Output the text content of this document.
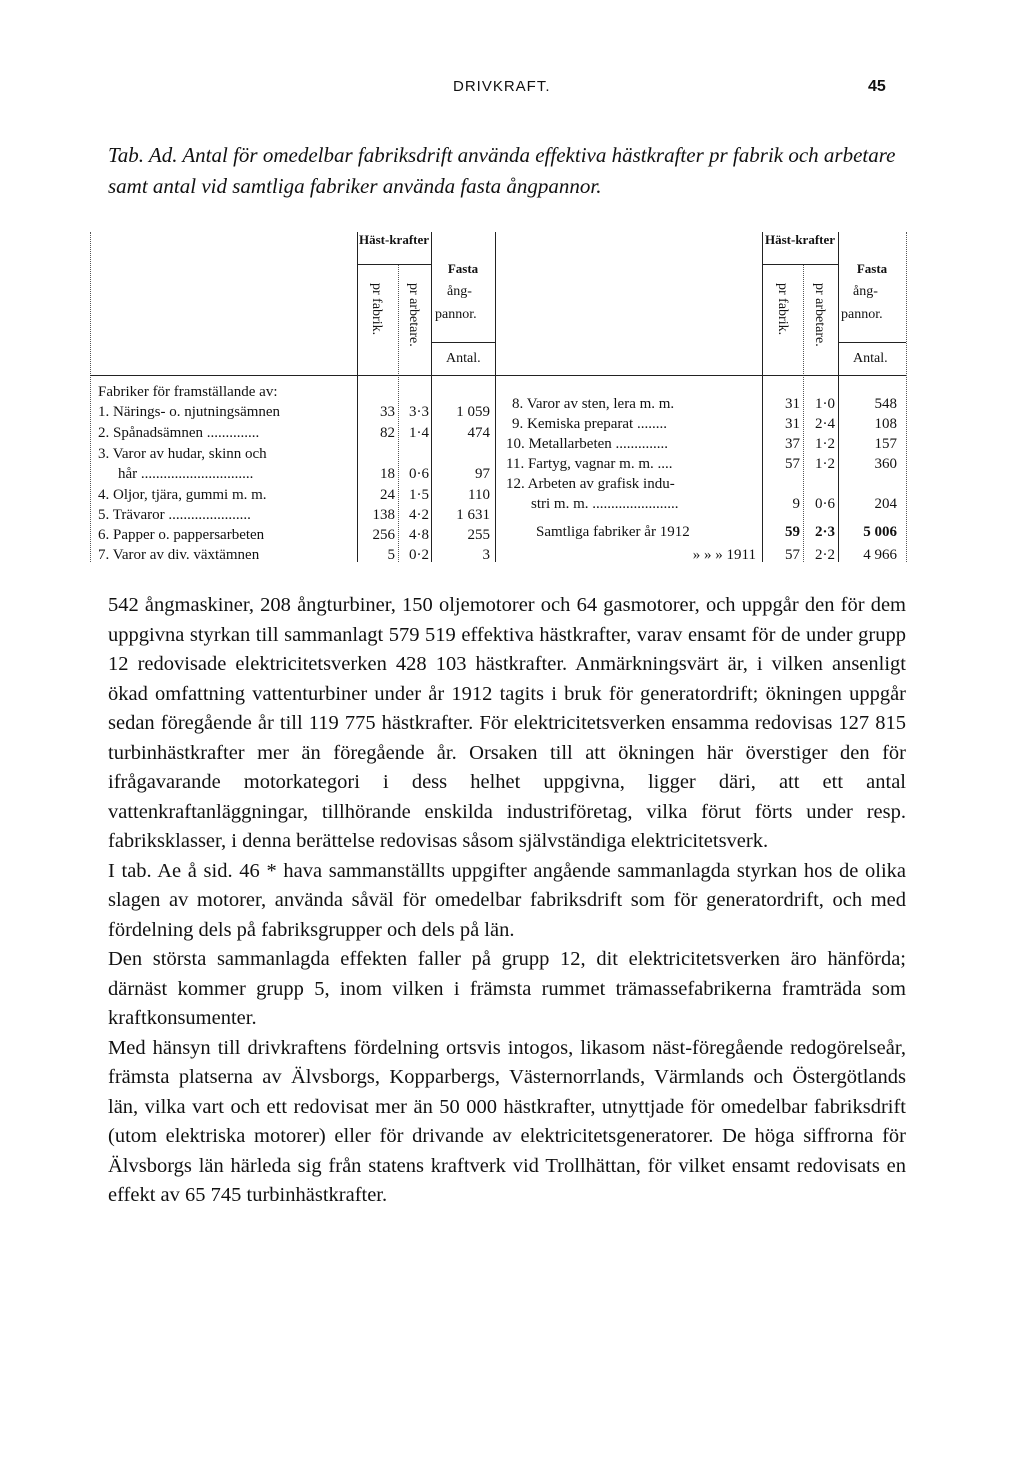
DRIVKRAFT.	45
Tab. Ad. Antal för omedelbar fabriksdrift använda effektiva hästkrafter pr fabrik och arbetare samt antal vid samtliga fabriker använda fasta ångpannor.
Häst-krafter
pr fabrik. pr arbetare.
Fasta
ång-
pannor.
Antal.
Häst-krafter
pr fabrik. pr arbetare.
Fasta
ång-
pannor.
Antal.
Fabriker för framställande av:
1. Närings- o. njutningsämnen	33 3·3	1 059
2. Spånadsämnen ..............	82 1·4	474
3. Varor av hudar, skinn och
hår ..............................	18 0·6	97
4. Oljor, tjära, gummi m. m.	24 1·5	110
5. Trävaror ......................	138 4·2	1 631
6. Papper o. pappersarbeten	256 4·8	255
7. Varor av div. växtämnen	5 0·2	3
8. Varor av sten, lera m. m.	31	1·0	548
9. Kemiska preparat ........	31	2·4	108
10. Metallarbeten ..............	37	1·2	157
11. Fartyg, vagnar m. m. ....	57	1·2	360
12. Arbeten av grafisk indu-
stri m. m. .......................	9	0·6	204
Samtliga fabriker år 1912	59 2·3	5 006
» » » 1911	57	2·2	4 966

542 ångmaskiner, 208 ångturbiner, 150 oljemotorer och 64 gasmotorer, och uppgår den för dem uppgivna styrkan till sammanlagt 579 519 effektiva hästkrafter, varav ensamt för de under grupp 12 redovisade elektricitetsverken 428 103 hästkrafter. Anmärkningsvärt är, i vilken ansenligt ökad omfattning vattenturbiner under år 1912 tagits i bruk för generatordrift; ökningen uppgår sedan föregående år till 119 775 hästkrafter. För elektricitetsverken ensamma redovisas 127 815 turbinhästkrafter mer än föregående år. Orsaken till att ökningen här överstiger den för ifrågavarande motorkategori i dess helhet uppgivna, ligger däri, att ett antal vattenkraftanläggningar, tillhörande enskilda industriföretag, vilka förut förts under resp. fabriksklasser, i denna berättelse redovisas såsom självständiga elektricitetsverk.

I tab. Ae å sid. 46 * hava sammanställts uppgifter angående sammanlagda styrkan hos de olika slagen av motorer, använda såväl för omedelbar fabriksdrift som för generatordrift, och med fördelning dels på fabriksgrupper och dels på län.

Den största sammanlagda effekten faller på grupp 12, dit elektricitetsverken äro hänförda; därnäst kommer grupp 5, inom vilken i främsta rummet trämassefabrikerna framträda som kraftkonsumenter.

Med hänsyn till drivkraftens fördelning ortsvis intogos, likasom näst-föregående redogörelseår, främsta platserna av Älvsborgs, Kopparbergs, Västernorrlands, Värmlands och Östergötlands län, vilka vart och ett redovisat mer än 50 000 hästkrafter, utnyttjade för omedelbar fabriksdrift (utom elektriska motorer) eller för drivande av elektricitetsgeneratorer. De höga siffrorna för Älvsborgs län härleda sig från statens kraftverk vid Trollhättan, för vilket ensamt redovisats en effekt av 65 745 turbinhästkrafter.
